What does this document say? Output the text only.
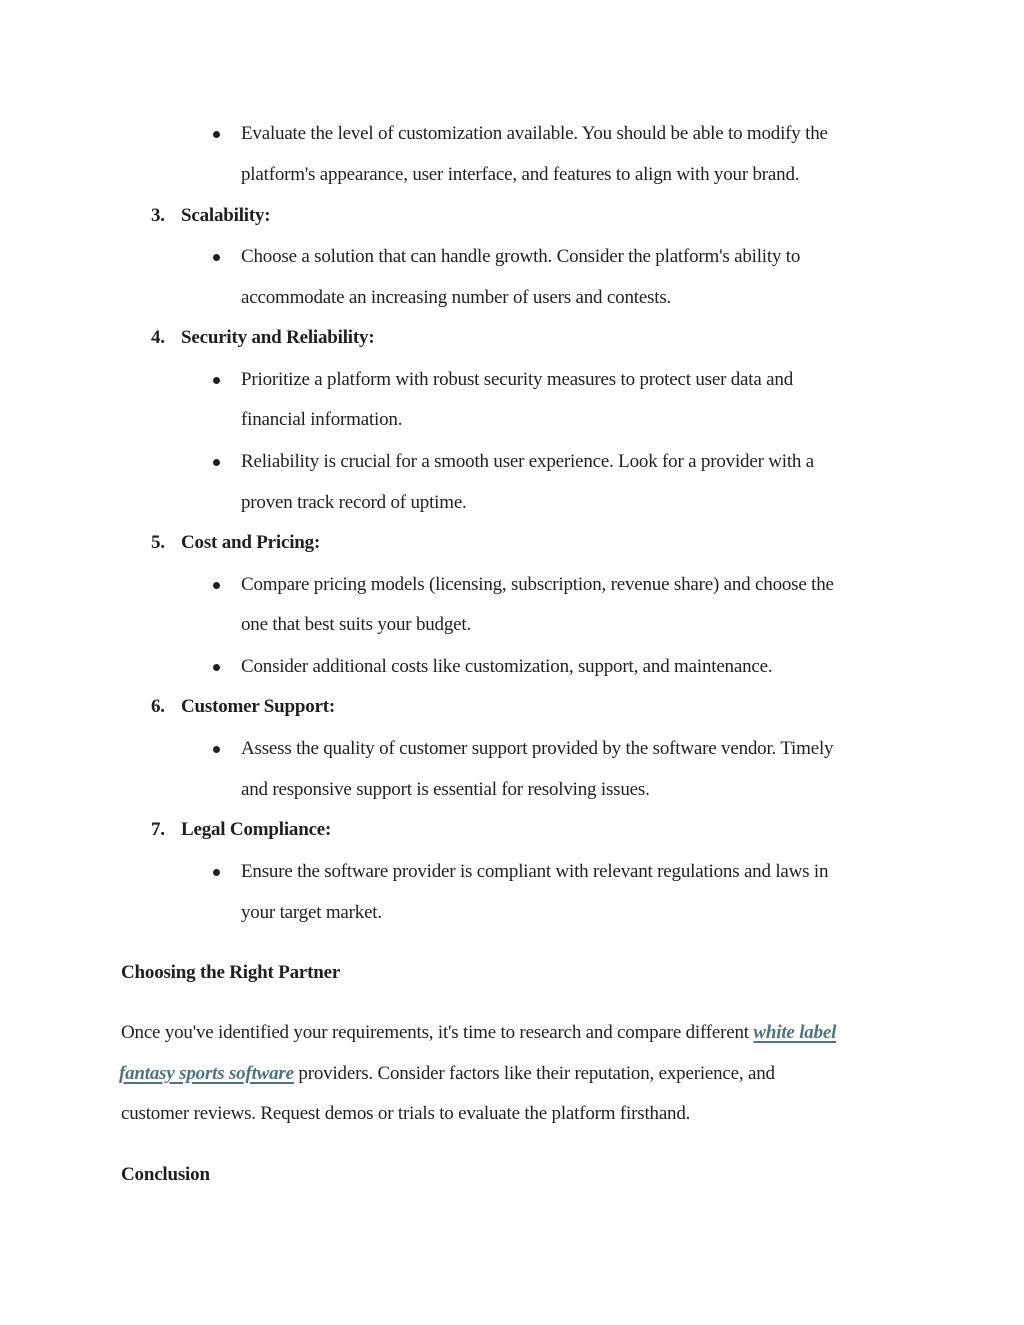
Evaluate the level of customization available. You should be able to modify the
platform's appearance, user interface, and features to align with your brand.
3. Scalability:
Choose a solution that can handle growth. Consider the platform's ability to
accommodate an increasing number of users and contests.
4. Security and Reliability:
Prioritize a platform with robust security measures to protect user data and
financial information.
Reliability is crucial for a smooth user experience. Look for a provider with a
proven track record of uptime.
5. Cost and Pricing:
Compare pricing models (licensing, subscription, revenue share) and choose the
one that best suits your budget.
Consider additional costs like customization, support, and maintenance.
6. Customer Support:
Assess the quality of customer support provided by the software vendor. Timely
and responsive support is essential for resolving issues.
7. Legal Compliance:
Ensure the software provider is compliant with relevant regulations and laws in
your target market.
Choosing the Right Partner
Once you've identified your requirements, it's time to research and compare different white label
fantasy sports software providers. Consider factors like their reputation, experience, and
customer reviews. Request demos or trials to evaluate the platform firsthand.
Conclusion
